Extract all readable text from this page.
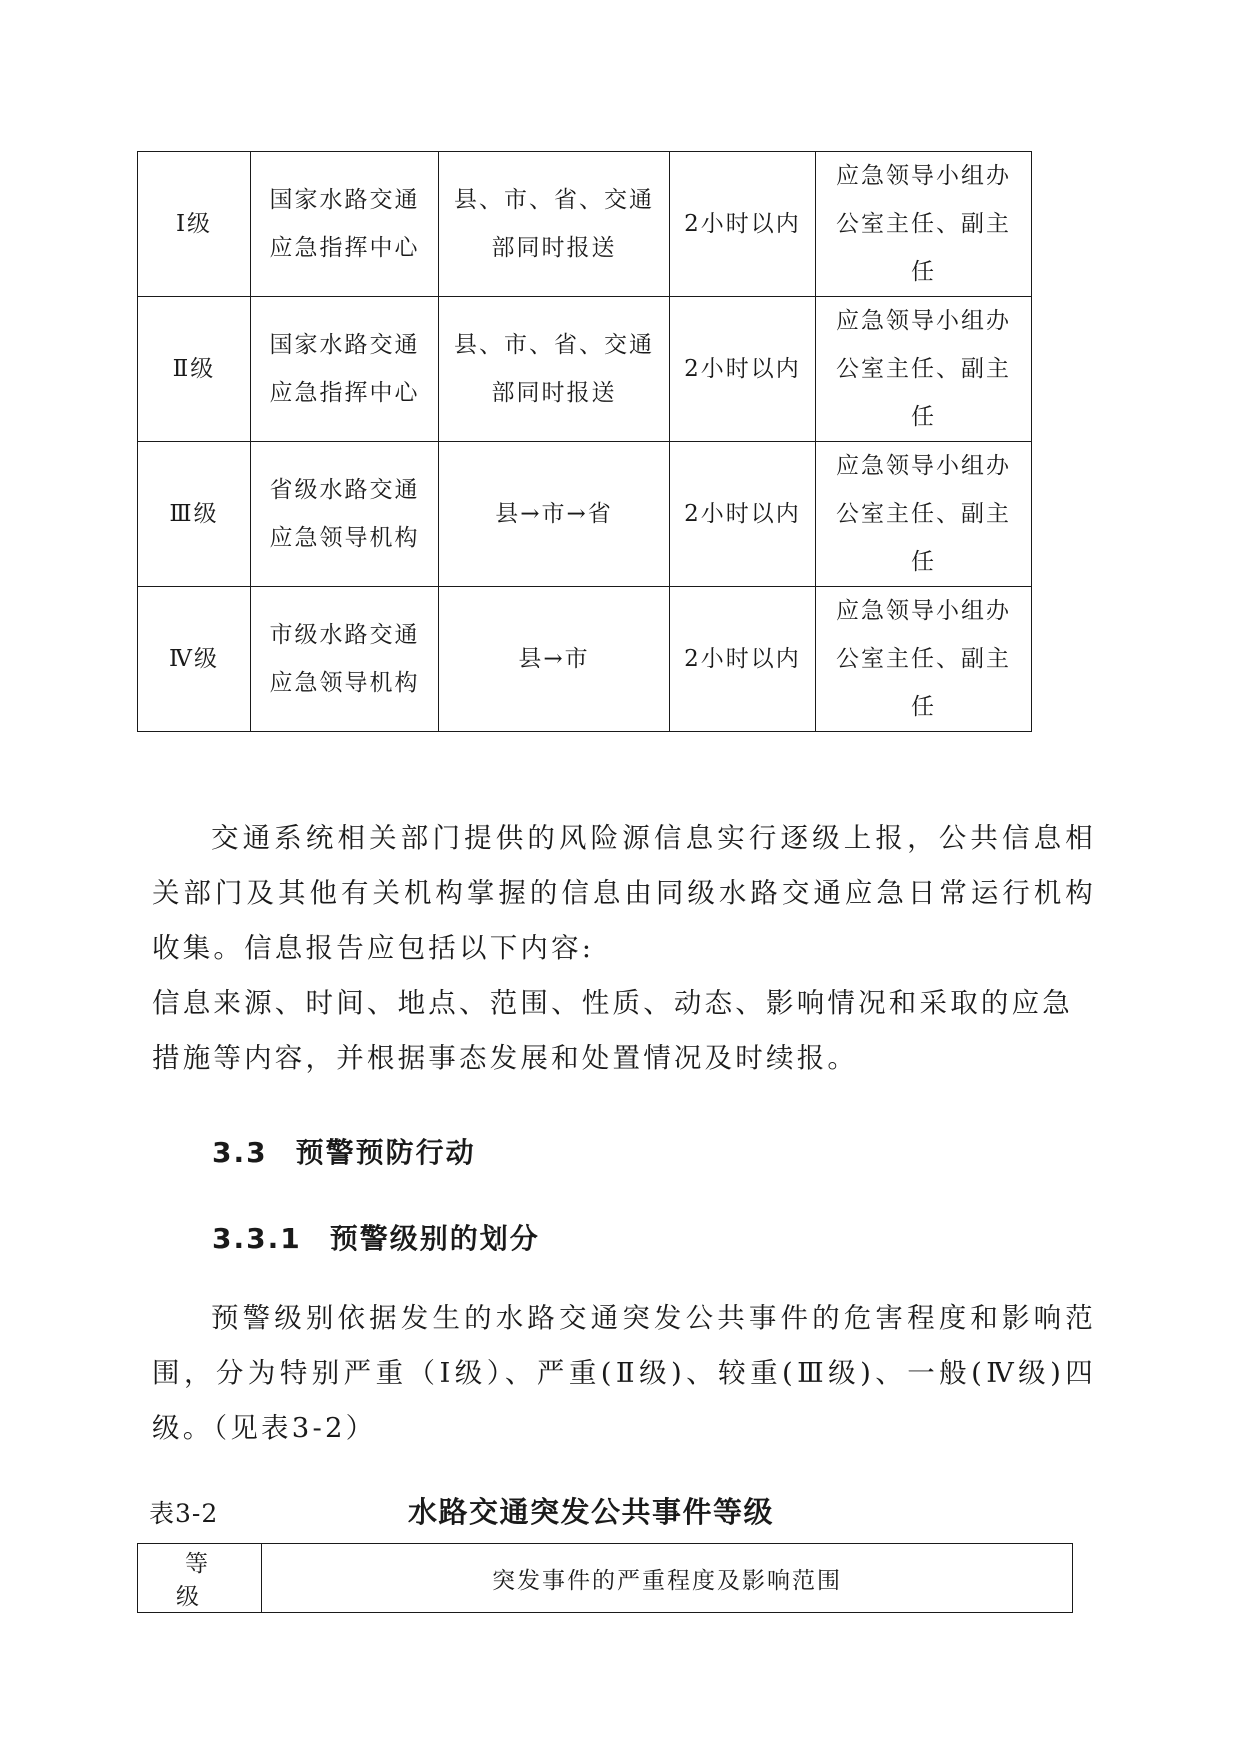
Ⅰ级	国家水路交通应急指挥中心	县、市、省、交通部同时报送	2小时以内	应急领导小组办公室主任、副主任
Ⅱ级	国家水路交通应急指挥中心	县、市、省、交通部同时报送	2小时以内	应急领导小组办公室主任、副主任
Ⅲ级	省级水路交通应急领导机构	县→市→省	2小时以内	应急领导小组办公室主任、副主任
Ⅳ级	市级水路交通应急领导机构	县→市	2小时以内	应急领导小组办公室主任、副主任

交通系统相关部门提供的风险源信息实行逐级上报，公共信息相关部门及其他有关机构掌握的信息由同级水路交通应急日常运行机构收集。信息报告应包括以下内容:

信息来源、时间、地点、范围、性质、动态、影响情况和采取的应急措施等内容，并根据事态发展和处置情况及时续报。

3.3 预警预防行动
3.3.1 预警级别的划分

预警级别依据发生的水路交通突发公共事件的危害程度和影响范围，分为特别严重（Ⅰ级）、严重(Ⅱ级)、较重(Ⅲ级)、一般(Ⅳ级)四级。（见表3-2）

表3-2	水路交通突发公共事件等级
等 级	突发事件的严重程度及影响范围
